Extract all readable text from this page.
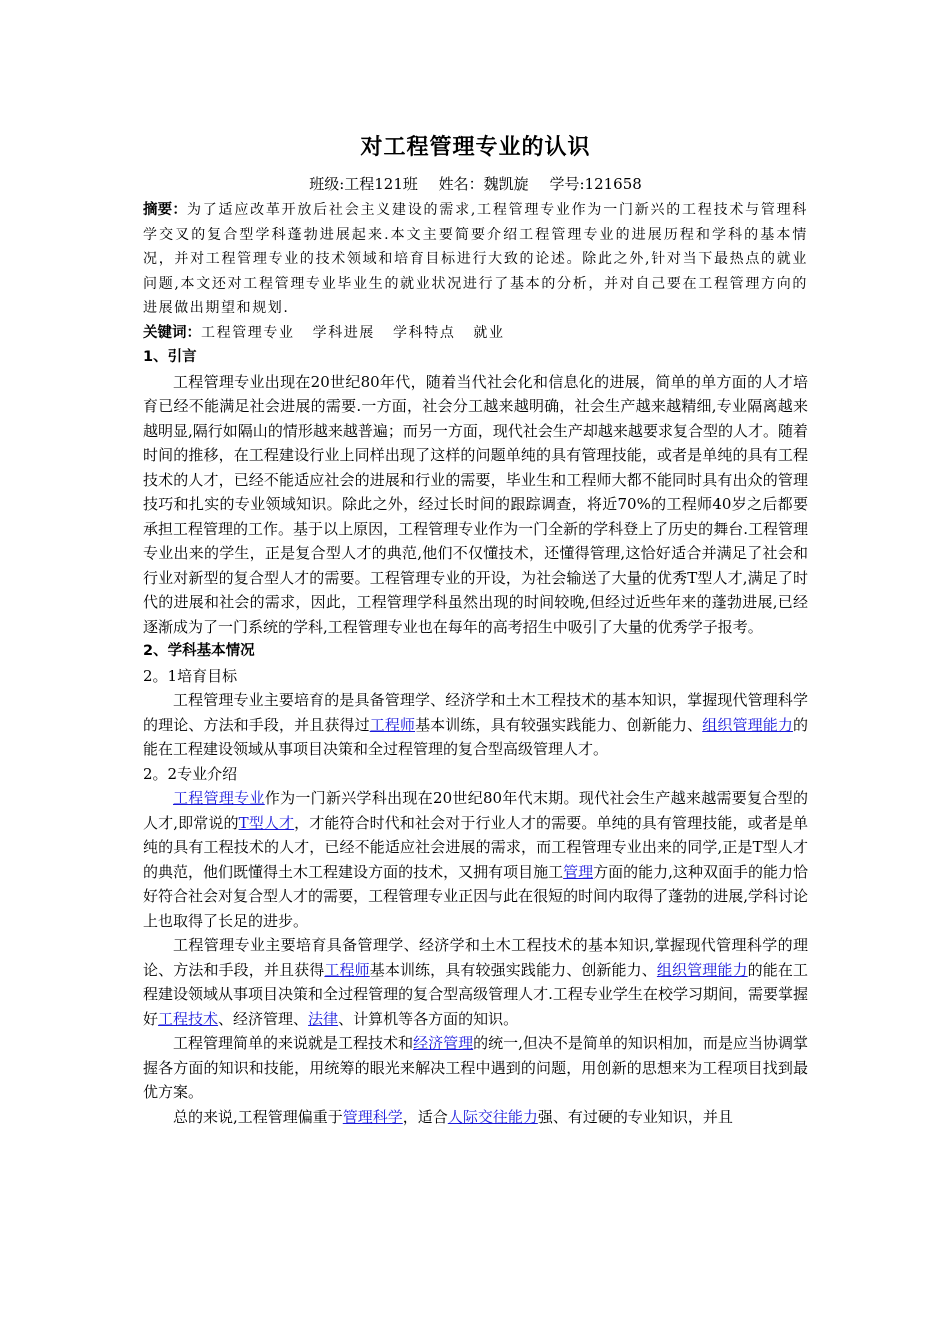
对工程管理专业的认识
班级:工程121班 姓名：魏凯旋 学号:121658
摘要：为了适应改革开放后社会主义建设的需求,工程管理专业作为一门新兴的工程技术与管理科学交叉的复合型学科蓬勃进展起来.本文主要简要介绍工程管理专业的进展历程和学科的基本情况，并对工程管理专业的技术领域和培育目标进行大致的论述。除此之外,针对当下最热点的就业问题,本文还对工程管理专业毕业生的就业状况进行了基本的分析，并对自己要在工程管理方向的进展做出期望和规划.
关键词：工程管理专业 学科进展 学科特点 就业
1、引言

工程管理专业出现在20世纪80年代，随着当代社会化和信息化的进展，简单的单方面的人才培育已经不能满足社会进展的需要.一方面，社会分工越来越明确，社会生产越来越精细,专业隔离越来越明显,隔行如隔山的情形越来越普遍；而另一方面，现代社会生产却越来越要求复合型的人才。随着时间的推移，在工程建设行业上同样出现了这样的问题单纯的具有管理技能，或者是单纯的具有工程技术的人才，已经不能适应社会的进展和行业的需要，毕业生和工程师大都不能同时具有出众的管理技巧和扎实的专业领域知识。除此之外，经过长时间的跟踪调查，将近70%的工程师40岁之后都要承担工程管理的工作。基于以上原因，工程管理专业作为一门全新的学科登上了历史的舞台.工程管理专业出来的学生，正是复合型人才的典范,他们不仅懂技术，还懂得管理,这恰好适合并满足了社会和行业对新型的复合型人才的需要。工程管理专业的开设，为社会输送了大量的优秀T型人才,满足了时代的进展和社会的需求，因此，工程管理学科虽然出现的时间较晚,但经过近些年来的蓬勃进展,已经逐渐成为了一门系统的学科,工程管理专业也在每年的高考招生中吸引了大量的优秀学子报考。

2、学科基本情况
2。1培育目标

工程管理专业主要培育的是具备管理学、经济学和土木工程技术的基本知识，掌握现代管理科学的理论、方法和手段，并且获得过工程师基本训练，具有较强实践能力、创新能力、组织管理能力的能在工程建设领域从事项目决策和全过程管理的复合型高级管理人才。

2。2专业介绍

工程管理专业作为一门新兴学科出现在20世纪80年代末期。现代社会生产越来越需要复合型的人才,即常说的T型人才，才能符合时代和社会对于行业人才的需要。单纯的具有管理技能，或者是单纯的具有工程技术的人才，已经不能适应社会进展的需求，而工程管理专业出来的同学,正是T型人才的典范，他们既懂得土木工程建设方面的技术，又拥有项目施工管理方面的能力,这种双面手的能力恰好符合社会对复合型人才的需要，工程管理专业正因与此在很短的时间内取得了蓬勃的进展,学科讨论上也取得了长足的进步。

工程管理专业主要培育具备管理学、经济学和土木工程技术的基本知识,掌握现代管理科学的理论、方法和手段，并且获得工程师基本训练，具有较强实践能力、创新能力、组织管理能力的能在工程建设领域从事项目决策和全过程管理的复合型高级管理人才.工程专业学生在校学习期间，需要掌握好工程技术、经济管理、法律、计算机等各方面的知识。

工程管理简单的来说就是工程技术和经济管理的统一,但决不是简单的知识相加，而是应当协调掌握各方面的知识和技能，用统筹的眼光来解决工程中遇到的问题，用创新的思想来为工程项目找到最优方案。

总的来说,工程管理偏重于管理科学，适合人际交往能力强、有过硬的专业知识，并且
